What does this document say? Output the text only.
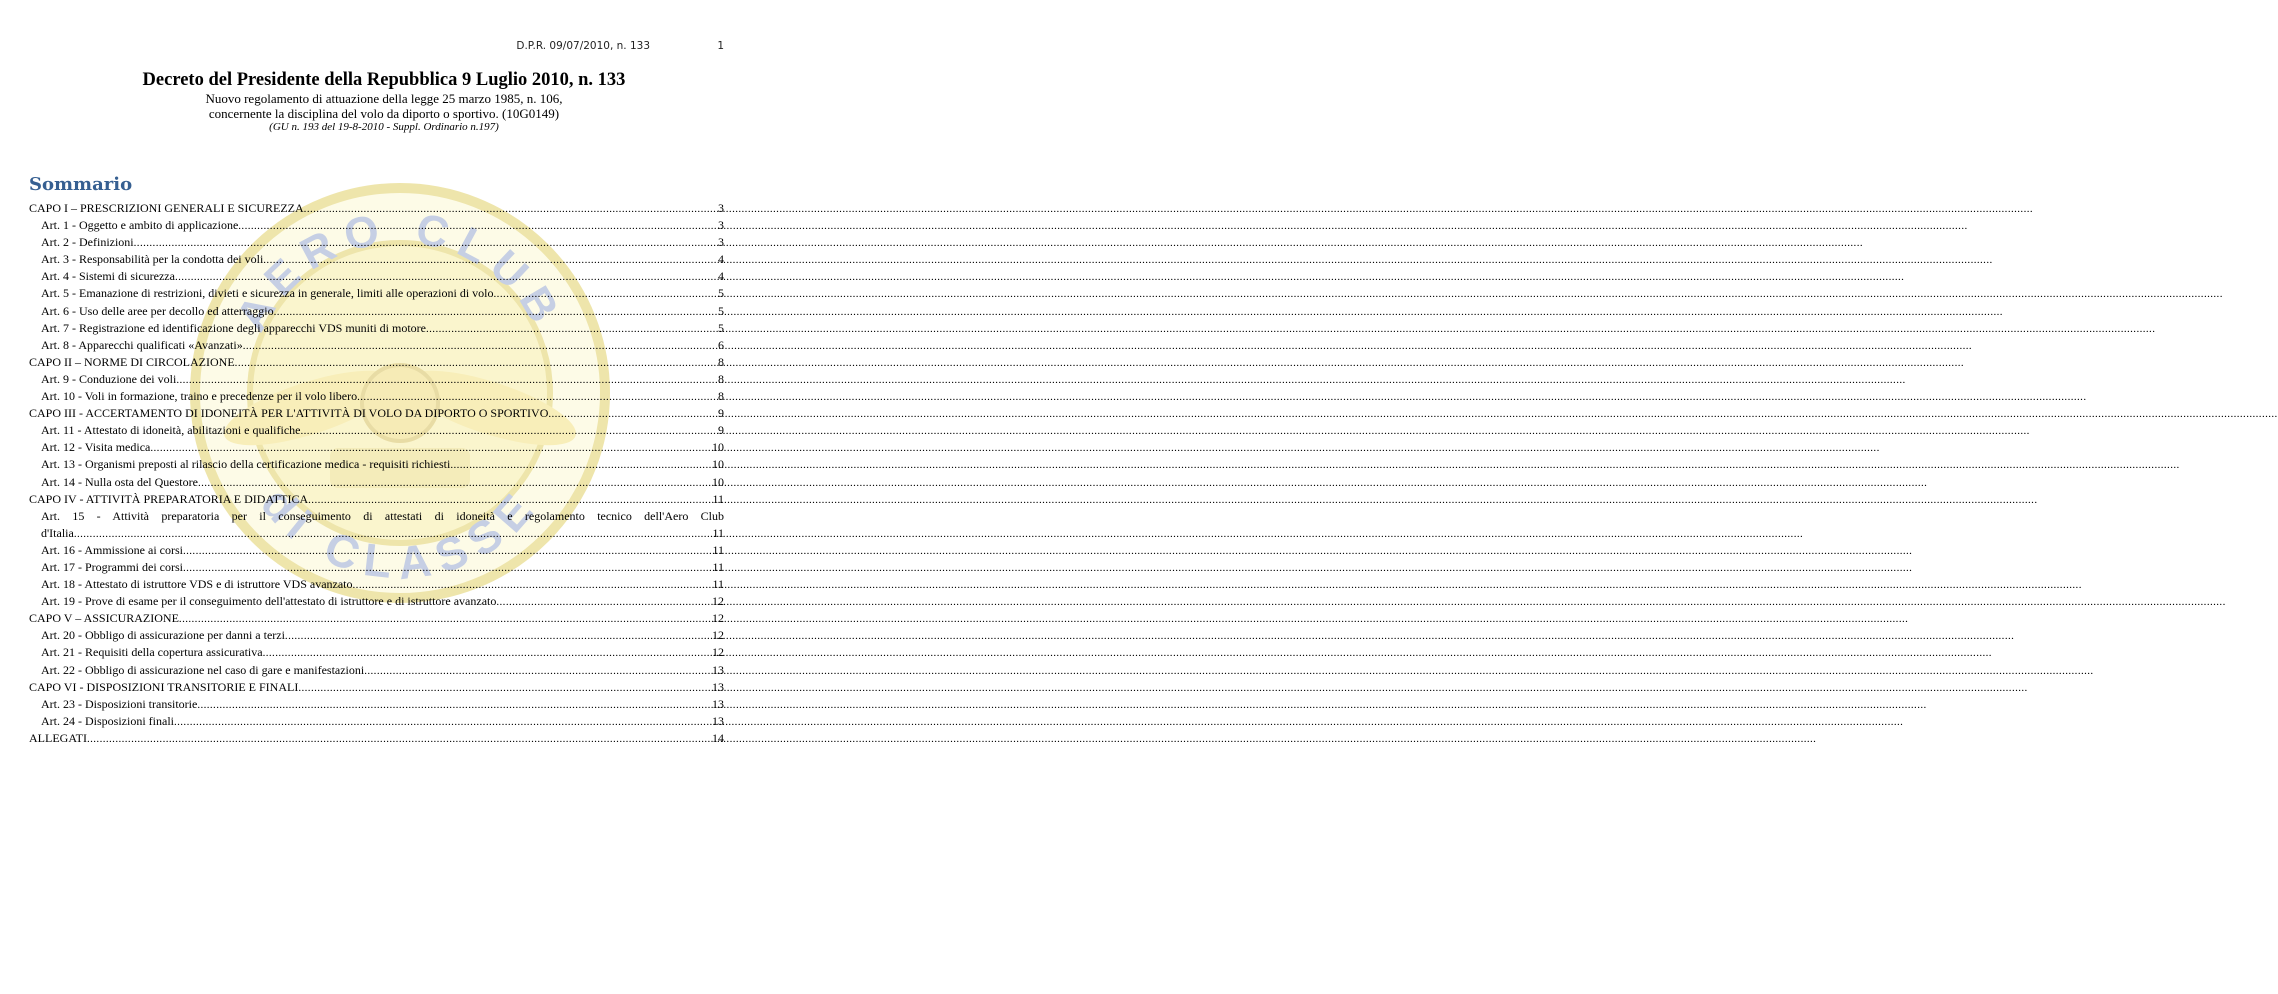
D.P.R. 09/07/2010, n. 133	1
AERO CLUB
di CLASSE
Decreto del Presidente della Repubblica 9 Luglio 2010, n. 133
Nuovo regolamento di attuazione della legge 25 marzo 1985, n. 106,
concernente la disciplina del volo da diporto o sportivo. (10G0149)
(GU n. 193 del 19-8-2010 - Suppl. Ordinario n.197)
Sommario
CAPO I – PRESCRIZIONI GENERALI E SICUREZZA .....	3
Art. 1 - Oggetto e ambito di applicazione .....	3
Art. 2 - Definizioni .....	3
Art. 3 - Responsabilità per la condotta dei voli .....	4
Art. 4 - Sistemi di sicurezza .....	4
Art. 5 - Emanazione di restrizioni, divieti e sicurezza in generale, limiti alle operazioni di volo .....	5
Art. 6 - Uso delle aree per decollo ed atterraggio .....	5
Art. 7 - Registrazione ed identificazione degli apparecchi VDS muniti di motore .....	5
Art. 8 - Apparecchi qualificati «Avanzati» .....	6
CAPO II – NORME DI CIRCOLAZIONE .....	8
Art. 9 - Conduzione dei voli .....	8
Art. 10 - Voli in formazione, traino e precedenze per il volo libero .....	8
CAPO III - ACCERTAMENTO DI IDONEITÀ PER L'ATTIVITÀ DI VOLO DA DIPORTO O SPORTIVO .....	9
Art. 11 - Attestato di idoneità, abilitazioni e qualifiche .....	9
Art. 12 - Visita medica .....	10
Art. 13 - Organismi preposti al rilascio della certificazione medica - requisiti richiesti .....	10
Art. 14 - Nulla osta del Questore .....	10
CAPO IV - ATTIVITÀ PREPARATORIA E DIDATTICA .....	11
Art. 15 - Attività preparatoria per il conseguimento di attestati di idoneità e regolamento tecnico dell'Aero Club
d'Italia .....	11
Art. 16 - Ammissione ai corsi .....	11
Art. 17 - Programmi dei corsi .....	11
Art. 18 - Attestato di istruttore VDS e di istruttore VDS avanzato .....	11
Art. 19 - Prove di esame per il conseguimento dell'attestato di istruttore e di istruttore avanzato .....	12
CAPO V – ASSICURAZIONE .....	12
Art. 20 - Obbligo di assicurazione per danni a terzi .....	12
Art. 21 - Requisiti della copertura assicurativa .....	12
Art. 22 - Obbligo di assicurazione nel caso di gare e manifestazioni .....	13
CAPO VI - DISPOSIZIONI TRANSITORIE E FINALI .....	13
Art. 23 - Disposizioni transitorie .....	13
Art. 24 - Disposizioni finali .....	13
ALLEGATI .....	14
